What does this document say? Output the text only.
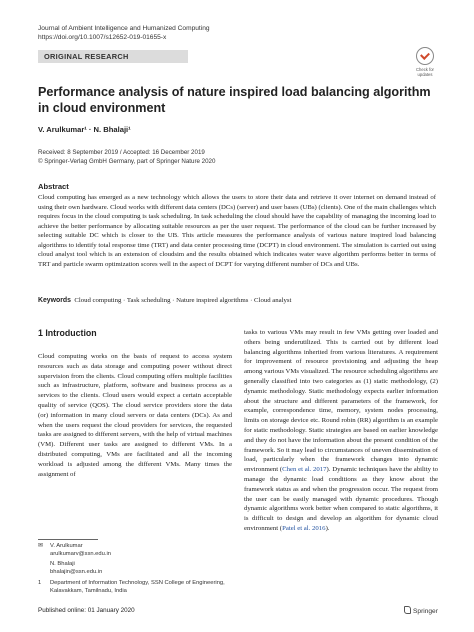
Journal of Ambient Intelligence and Humanized Computing
https://doi.org/10.1007/s12652-019-01655-x
ORIGINAL RESEARCH
Check for updates
Performance analysis of nature inspired load balancing algorithm in cloud environment
V. Arulkumar¹ · N. Bhalaji¹
Received: 8 September 2019 / Accepted: 16 December 2019
© Springer-Verlag GmbH Germany, part of Springer Nature 2020
Abstract
Cloud computing has emerged as a new technology which allows the users to store their data and retrieve it over internet on demand instead of using their own hardware. Cloud works with different data centers (DCs) (server) and user bases (UBs) (clients). One of the main challenges which requires focus in the cloud computing is task scheduling. In task scheduling the cloud should have the capability of managing the incoming load to achieve the better performance by allocating suitable resources as per the user request. The performance of the cloud can be further increased by selecting suitable DC which is closer to the UB. This article measures the performance analysis of various nature inspired load balancing algorithms to identify total response time (TRT) and data center processing time (DCPT) in cloud environment. The simulation is carried out using cloud analyst tool which is an extension of cloudsim and the results obtained which indicates water wave algorithm performs better in terms of TRT and particle swarm optimization scores well in the aspect of DCPT for varying different number of DCs and UBs.
Keywords Cloud computing · Task scheduling · Nature inspired algorithms · Cloud analyst
1 Introduction
Cloud computing works on the basis of request to access system resources such as data storage and computing power without direct supervision from the clients. Cloud computing offers multiple facilities such as infrastructure, platform, software and business process as a services to the clients. Cloud users would expect a certain acceptable quality of service (QOS). The cloud service providers store the data (or) information in many cloud servers or data centers (DCs). As and when the users request the cloud providers for services, the requested tasks are assigned to different servers, with the help of virtual machines (VM). Different user tasks are assigned to different VMs. In a distributed computing, VMs are facilitated and all the incoming workload is adjusted among the different VMs. Many times the assignment of
tasks to various VMs may result in few VMs getting over loaded and others being underutilized. This is carried out by different load balancing algorithms inherited from various literatures. A requirement for improvement of resource provisioning and adjusting the heap among various VMs visualized. The resource scheduling algorithms are generally classified into two categories as (1) static methodology, (2) dynamic methodology. Static methodology expects earlier information about the structure and different parameters of the framework, for example, correspondence time, memory, system nodes processing, limits on storage device etc. Round robin (RR) algorithm is an example for static methodology. Static strategies are based on earlier knowledge and they do not have the information about the present condition of the framework. So it may lead to circumstances of uneven dissemination of load, particularly when the framework changes into dynamic environment (Chen et al. 2017). Dynamic techniques have the ability to manage the dynamic load conditions as they know about the framework status as and when the progression occur. The request from the user can be easily managed with dynamic procedures. Though dynamic algorithms work better when compared to static algorithms, it is difficult to design and develop an algorithm for dynamic cloud environment (Patel et al. 2016).
✉	V. Arulkumar
arulkumarv@ssn.edu.in
N. Bhalaji
bhalajin@ssn.edu.in
1	Department of Information Technology, SSN College of Engineering, Kalavakkam, Tamilnadu, India
Published online: 01 January 2020	Springer
